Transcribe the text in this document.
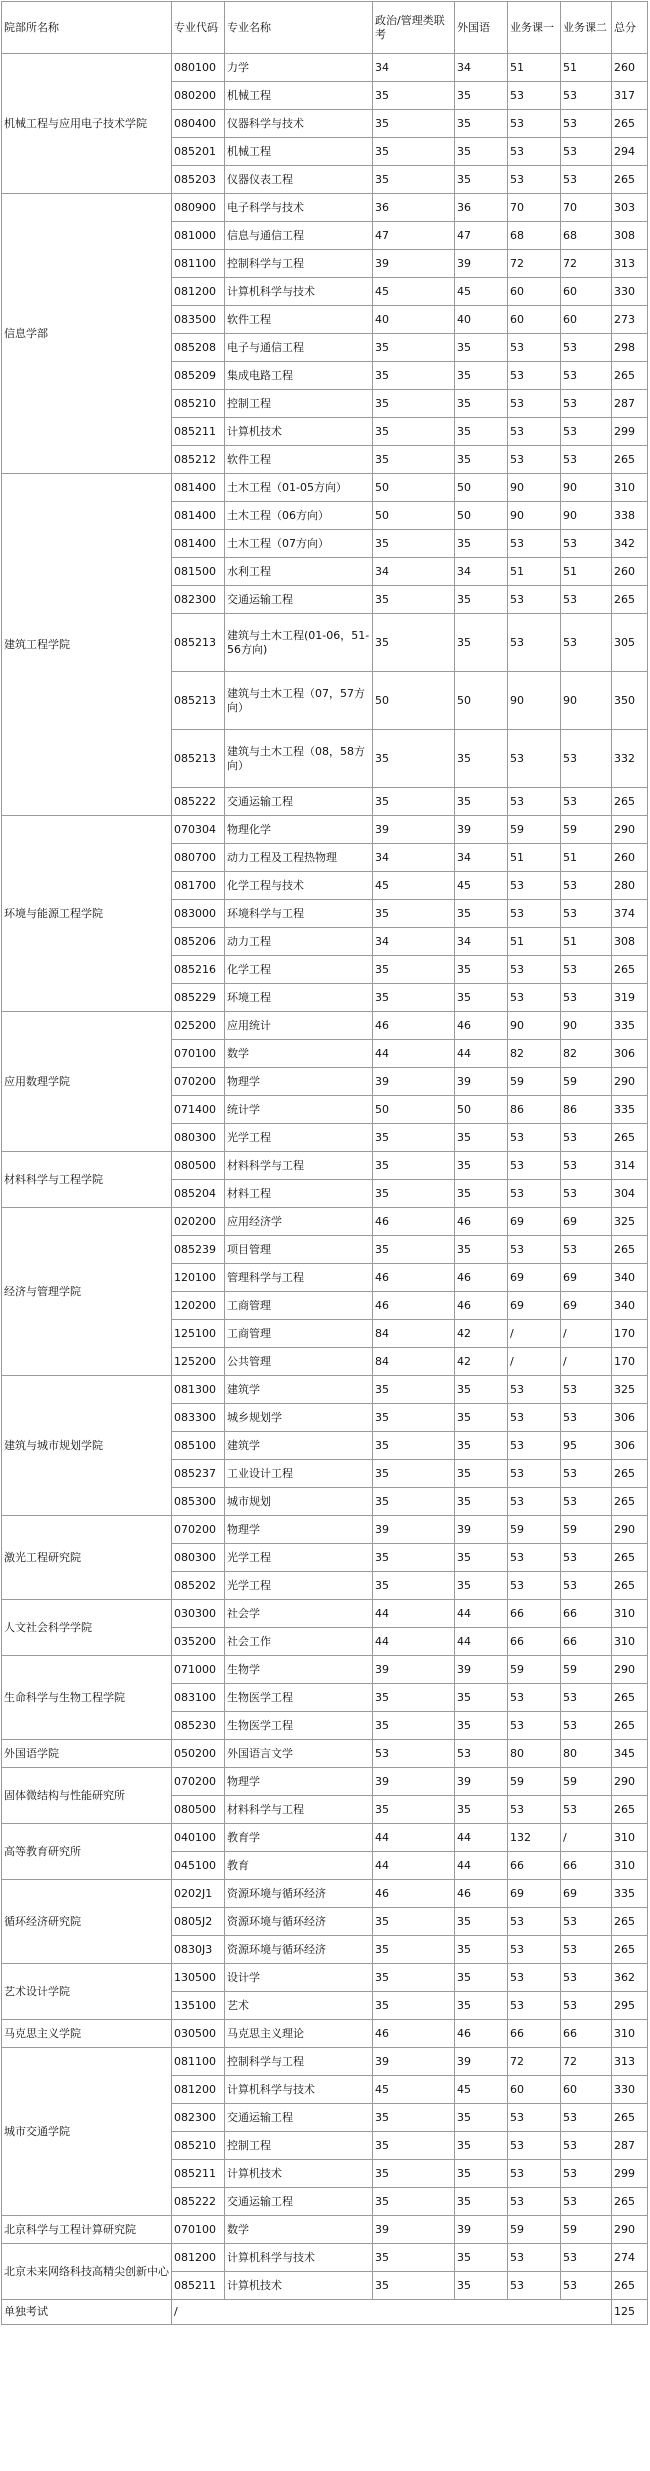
院部所名称	专业代码	专业名称	政治/管理类联考	外国语	业务课一	业务课二	总分
机械工程与应用电子技术学院	080100	力学	34	34	51	51	260
	080200	机械工程	35	35	53	53	317
	080400	仪器科学与技术	35	35	53	53	265
	085201	机械工程	35	35	53	53	294
	085203	仪器仪表工程	35	35	53	53	265
信息学部	080900	电子科学与技术	36	36	70	70	303
	081000	信息与通信工程	47	47	68	68	308
	081100	控制科学与工程	39	39	72	72	313
	081200	计算机科学与技术	45	45	60	60	330
	083500	软件工程	40	40	60	60	273
	085208	电子与通信工程	35	35	53	53	298
	085209	集成电路工程	35	35	53	53	265
	085210	控制工程	35	35	53	53	287
	085211	计算机技术	35	35	53	53	299
	085212	软件工程	35	35	53	53	265
建筑工程学院	081400	土木工程（01-05方向）	50	50	90	90	310
	081400	土木工程（06方向）	50	50	90	90	338
	081400	土木工程（07方向）	35	35	53	53	342
	081500	水利工程	34	34	51	51	260
	082300	交通运输工程	35	35	53	53	265
	085213	建筑与土木工程(01-06，51-56方向)	35	35	53	53	305
	085213	建筑与土木工程（07，57方向）	50	50	90	90	350
	085213	建筑与土木工程（08，58方向）	35	35	53	53	332
	085222	交通运输工程	35	35	53	53	265
环境与能源工程学院	070304	物理化学	39	39	59	59	290
	080700	动力工程及工程热物理	34	34	51	51	260
	081700	化学工程与技术	45	45	53	53	280
	083000	环境科学与工程	35	35	53	53	374
	085206	动力工程	34	34	51	51	308
	085216	化学工程	35	35	53	53	265
	085229	环境工程	35	35	53	53	319
应用数理学院	025200	应用统计	46	46	90	90	335
	070100	数学	44	44	82	82	306
	070200	物理学	39	39	59	59	290
	071400	统计学	50	50	86	86	335
	080300	光学工程	35	35	53	53	265
材料科学与工程学院	080500	材料科学与工程	35	35	53	53	314
	085204	材料工程	35	35	53	53	304
经济与管理学院	020200	应用经济学	46	46	69	69	325
	085239	项目管理	35	35	53	53	265
	120100	管理科学与工程	46	46	69	69	340
	120200	工商管理	46	46	69	69	340
	125100	工商管理	84	42	/	/	170
	125200	公共管理	84	42	/	/	170
建筑与城市规划学院	081300	建筑学	35	35	53	53	325
	083300	城乡规划学	35	35	53	53	306
	085100	建筑学	35	35	53	95	306
	085237	工业设计工程	35	35	53	53	265
	085300	城市规划	35	35	53	53	265
激光工程研究院	070200	物理学	39	39	59	59	290
	080300	光学工程	35	35	53	53	265
	085202	光学工程	35	35	53	53	265
人文社会科学学院	030300	社会学	44	44	66	66	310
	035200	社会工作	44	44	66	66	310
生命科学与生物工程学院	071000	生物学	39	39	59	59	290
	083100	生物医学工程	35	35	53	53	265
	085230	生物医学工程	35	35	53	53	265
外国语学院	050200	外国语言文学	53	53	80	80	345
固体微结构与性能研究所	070200	物理学	39	39	59	59	290
	080500	材料科学与工程	35	35	53	53	265
高等教育研究所	040100	教育学	44	44	132	/	310
	045100	教育	44	44	66	66	310
循环经济研究院	0202J1	资源环境与循环经济	46	46	69	69	335
	0805J2	资源环境与循环经济	35	35	53	53	265
	0830J3	资源环境与循环经济	35	35	53	53	265
艺术设计学院	130500	设计学	35	35	53	53	362
	135100	艺术	35	35	53	53	295
马克思主义学院	030500	马克思主义理论	46	46	66	66	310
城市交通学院	081100	控制科学与工程	39	39	72	72	313
	081200	计算机科学与技术	45	45	60	60	330
	082300	交通运输工程	35	35	53	53	265
	085210	控制工程	35	35	53	53	287
	085211	计算机技术	35	35	53	53	299
	085222	交通运输工程	35	35	53	53	265
北京科学与工程计算研究院	070100	数学	39	39	59	59	290
北京未来网络科技高精尖创新中心	081200	计算机科学与技术	35	35	53	53	274
	085211	计算机技术	35	35	53	53	265
单独考试	/						125
